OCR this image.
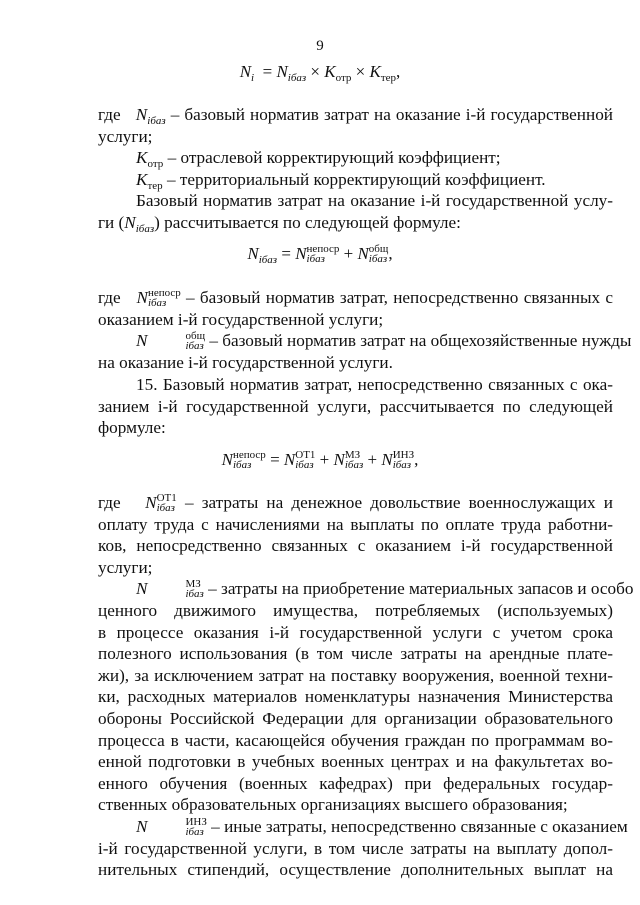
9
$N_i = N_{iбаз} \times K_{отр} \times K_{тер}$,
где $N_{iбаз}$ – базовый норматив затрат на оказание i-й государственной
услуги;
$K_{отр}$ – отраслевой корректирующий коэффициент;
$K_{тер}$ – территориальный корректирующий коэффициент.
Базовый норматив затрат на оказание i-й государственной услу-
ги $(N_{iбаз})$ рассчитывается по следующей формуле:
$N_{iбаз} = N$ непоср
iбаз	+ N общ
iбаз ,
где N непоср
iбаз	– базовый норматив затрат, непосредственно связанных с
оказанием i-й государственной услуги;
N	общ
iбаз – базовый норматив затрат на общехозяйственные нужды
на оказание i-й государственной услуги.
15. Базовый норматив затрат, непосредственно связанных с ока-
занием i-й государственной услуги, рассчитывается по следующей
формуле:
N непоср
iбаз	= N ОТ1
iбаз + N МЗ
iбаз + N ИНЗ
iбаз ,
где N ОТ1
iбаз – затраты на денежное довольствие военнослужащих и
оплату труда с начислениями на выплаты по оплате труда работни-
ков, непосредственно связанных с оказанием i-й государственной
услуги;
N	МЗ
iбаз – затраты на приобретение материальных запасов и особо
ценного движимого имущества, потребляемых (используемых)
в процессе оказания i-й государственной услуги с учетом срока
полезного использования (в том числе затраты на арендные плате-
жи), за исключением затрат на поставку вооружения, военной техни-
ки, расходных материалов номенклатуры назначения Министерства
обороны Российской Федерации для организации образовательного
процесса в части, касающейся обучения граждан по программам во-
енной подготовки в учебных военных центрах и на факультетах во-
енного обучения (военных кафедрах) при федеральных государ-
ственных образовательных организациях высшего образования;
N	ИНЗ
iбаз – иные затраты, непосредственно связанные с оказанием
i-й государственной услуги, в том числе затраты на выплату допол-
нительных стипендий, осуществление дополнительных выплат на
